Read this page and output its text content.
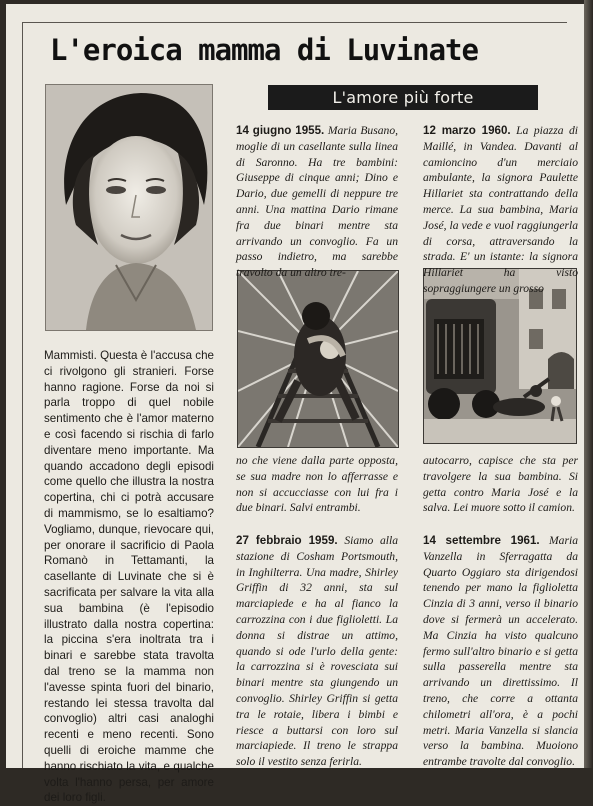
L'eroica mamma di Luvinate
L'amore più forte

Mammisti. Questa è l'accusa che ci rivolgono gli stranieri. Forse hanno ragione. Forse da noi si parla troppo di quel nobile sentimento che è l'amor materno e così facendo si rischia di farlo diventare meno importante. Ma quando accadono degli episodi come quello che illustra la nostra copertina, chi ci potrà accusare di mammismo, se lo esaltiamo? Vogliamo, dunque, rievocare qui, per onorare il sacrificio di Paola Romanò in Tettamanti, la casellante di Luvinate che si è sacrificata per salvare la vita alla sua bambina (è l'episodio illustrato dalla nostra copertina: la piccina s'era inoltrata tra i binari e sarebbe stata travolta dal treno se la mamma non l'avesse spinta fuori del binario, restando lei stessa travolta dal convoglio) altri casi analoghi recenti e meno recenti. Sono quelli di eroiche mamme che hanno rischiato la vita, e qualche volta l'hanno persa, per amore dei loro figli.

14 giugno 1955. Maria Busano, moglie di un casellante sulla linea di Saronno. Ha tre bambini: Giuseppe di cinque anni; Dino e Dario, due gemelli di neppure tre anni. Una mattina Dario rimane fra due binari mentre sta arrivando un convoglio. Fa un passo indietro, ma sarebbe travolto da un altro tre-

no che viene dalla parte opposta, se sua madre non lo afferrasse e non si accucciasse con lui fra i due binari. Salvi entrambi.

12 marzo 1960. La piazza di Maillé, in Vandea. Davanti al camioncino d'un merciaio ambulante, la signora Paulette Hillariet sta contrattando della merce. La sua bambina, Maria José, la vede e vuol raggiungerla di corsa, attraversando la strada. E' un istante: la signora Hillariet ha visto sopraggiungere un grosso

autocarro, capisce che sta per travolgere la sua bambina. Si getta contro Maria José e la salva. Lei muore sotto il camion.

27 febbraio 1959. Siamo alla stazione di Cosham Portsmouth, in Inghilterra. Una madre, Shirley Griffin di 32 anni, sta sul marciapiede e ha al fianco la carrozzina con i due figlioletti. La donna si distrae un attimo, quando si ode l'urlo della gente: la carrozzina si è rovesciata sui binari mentre sta giungendo un convoglio. Shirley Griffin si getta tra le rotaie, libera i bimbi e riesce a buttarsi con loro sul marciapiede. Il treno le strappa solo il vestito senza ferirla.

14 settembre 1961. Maria Vanzella in Sferragatta da Quarto Oggiaro sta dirigendosi tenendo per mano la figlioletta Cinzia di 3 anni, verso il binario dove si fermerà un accelerato. Ma Cinzia ha visto qualcuno fermo sull'altro binario e si getta sulla passerella mentre sta arrivando un direttissimo. Il treno, che corre a ottanta chilometri all'ora, è a pochi metri. Maria Vanzella si slancia verso la bambina. Muoiono entrambe travolte dal convoglio.
